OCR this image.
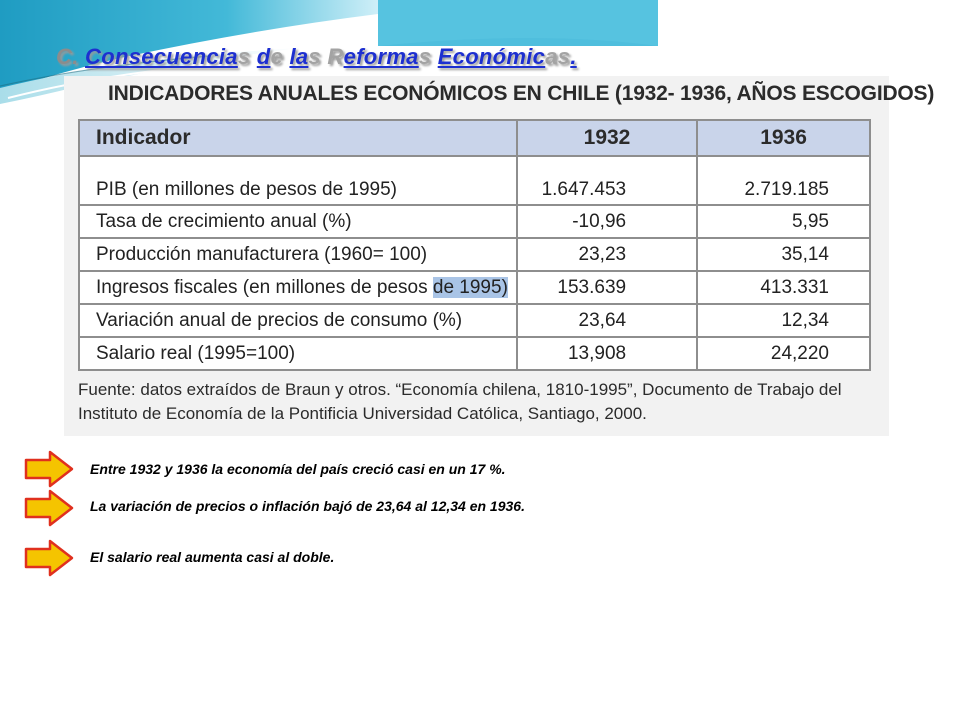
C. Consecuencias de las Reformas Económicas.
INDICADORES ANUALES ECONÓMICOS EN CHILE (1932- 1936, AÑOS ESCOGIDOS)
Indicador	1932	1936
PIB (en millones de pesos de 1995)	1.647.453	2.719.185
Tasa de crecimiento anual (%)	-10,96	5,95
Producción manufacturera (1960= 100)	23,23	35,14
Ingresos fiscales (en millones de pesos de 1995)	153.639	413.331
Variación anual de precios de consumo (%)	23,64	12,34
Salario real (1995=100)	13,908	24,220
Fuente: datos extraídos de Braun y otros. “Economía chilena, 1810-1995”, Documento de Trabajo del Instituto de Economía de la Pontificia Universidad Católica, Santiago, 2000.
Entre 1932 y 1936 la economía del país creció casi en un 17 %.
La variación de precios o inflación bajó de 23,64 al 12,34 en 1936.
El salario real aumenta casi al doble.
